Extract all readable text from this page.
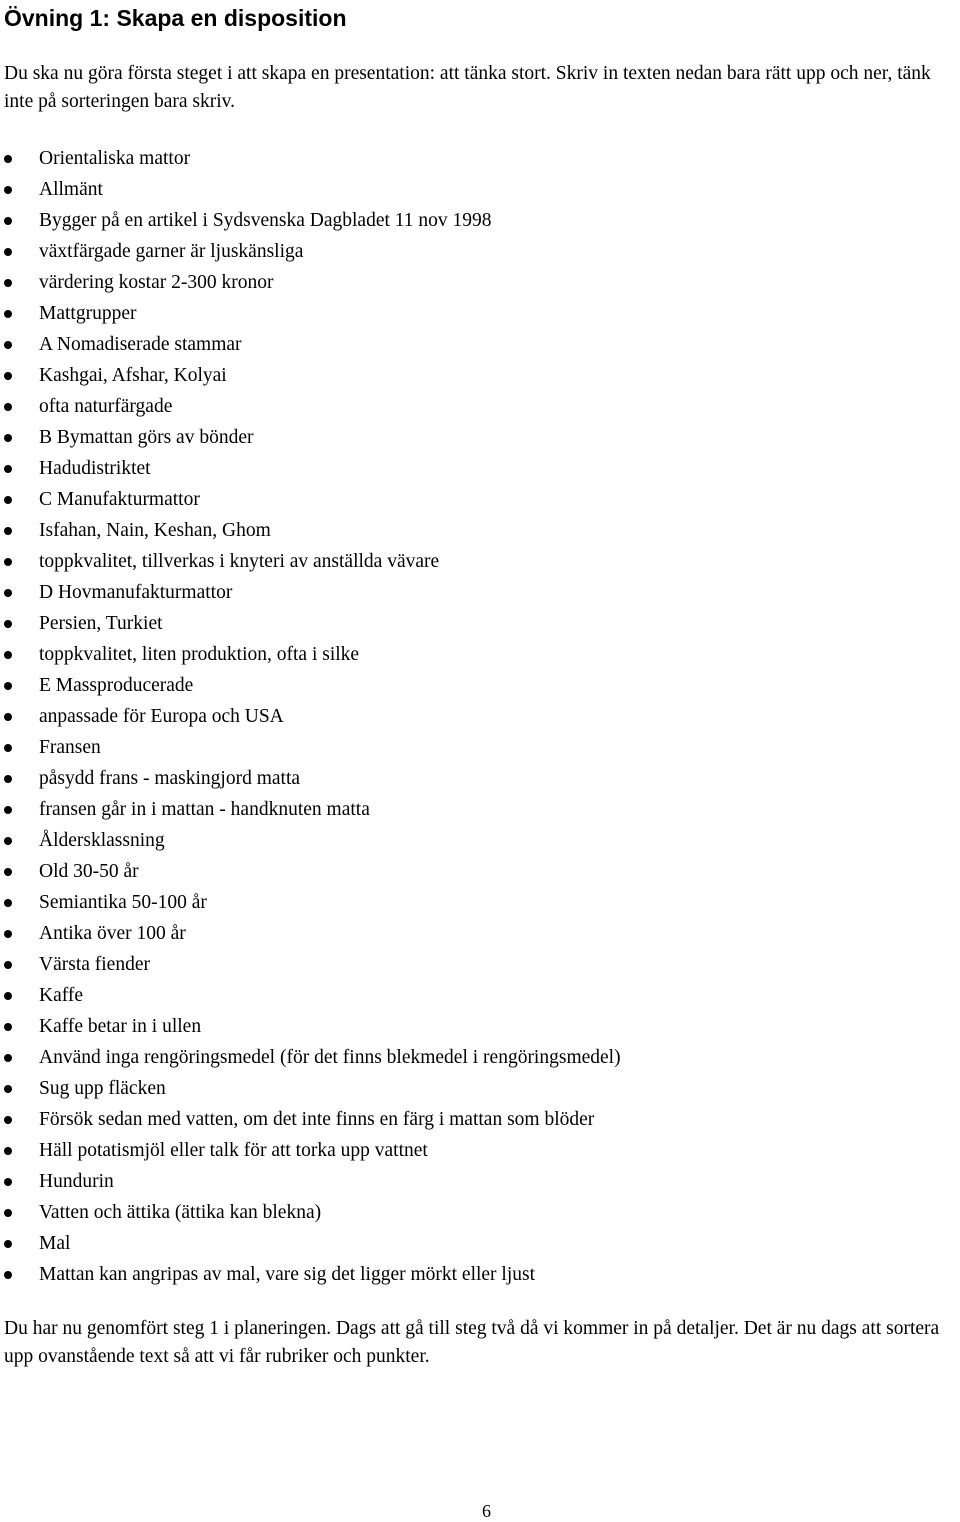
Övning 1: Skapa en disposition

Du ska nu göra första steget i att skapa en presentation: att tänka stort. Skriv in texten nedan bara rätt upp och ner, tänk inte på sorteringen bara skriv.

Orientaliska mattor
Allmänt
Bygger på en artikel i Sydsvenska Dagbladet 11 nov 1998
växtfärgade garner är ljuskänsliga
värdering kostar 2-300 kronor
Mattgrupper
A Nomadiserade stammar
Kashgai, Afshar, Kolyai
ofta naturfärgade
B Bymattan görs av bönder
Hadudistriktet
C Manufakturmattor
Isfahan, Nain, Keshan, Ghom
toppkvalitet, tillverkas i knyteri av anställda vävare
D Hovmanufakturmattor
Persien, Turkiet
toppkvalitet, liten produktion, ofta i silke
E Massproducerade
anpassade för Europa och USA
Fransen
påsydd frans - maskingjord matta
fransen går in i mattan - handknuten matta
Åldersklassning
Old 30-50 år
Semiantika 50-100 år
Antika över 100 år
Värsta fiender
Kaffe
Kaffe betar in i ullen
Använd inga rengöringsmedel (för det finns blekmedel i rengöringsmedel)
Sug upp fläcken
Försök sedan med vatten, om det inte finns en färg i mattan som blöder
Häll potatismjöl eller talk för att torka upp vattnet
Hundurin
Vatten och ättika (ättika kan blekna)
Mal
Mattan kan angripas av mal, vare sig det ligger mörkt eller ljust

Du har nu genomfört steg 1 i planeringen. Dags att gå till steg två då vi kommer in på detaljer. Det är nu dags att sortera upp ovanstående text så att vi får rubriker och punkter.

6
